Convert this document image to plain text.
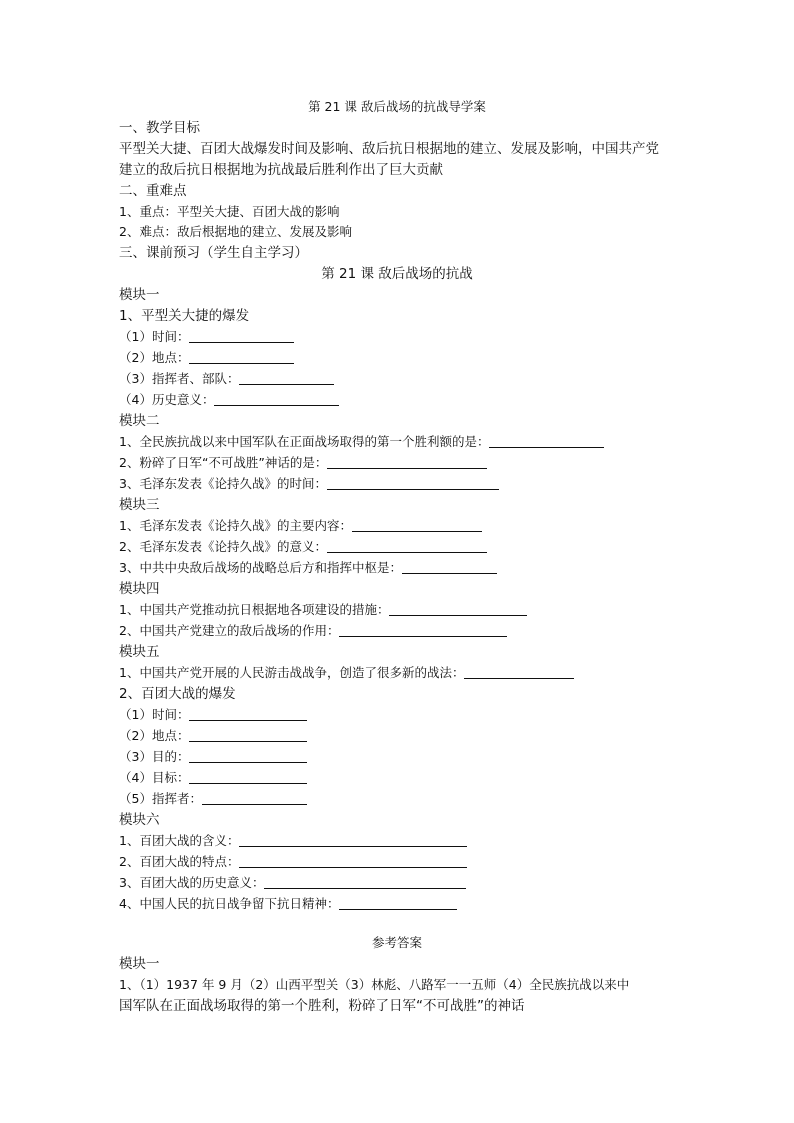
第 21 课 敌后战场的抗战导学案
一、教学目标
平型关大捷、百团大战爆发时间及影响、敌后抗日根据地的建立、发展及影响，中国共产党
建立的敌后抗日根据地为抗战最后胜利作出了巨大贡献
二、重难点
1、重点：平型关大捷、百团大战的影响
2、难点：敌后根据地的建立、发展及影响
三、课前预习（学生自主学习）
第 21 课 敌后战场的抗战
模块一
1、平型关大捷的爆发
（1）时间：
（2）地点：
（3）指挥者、部队：
（4）历史意义：
模块二
1、全民族抗战以来中国军队在正面战场取得的第一个胜利额的是：
2、粉碎了日军“不可战胜”神话的是：
3、毛泽东发表《论持久战》的时间：
模块三
1、毛泽东发表《论持久战》的主要内容：
2、毛泽东发表《论持久战》的意义：
3、中共中央敌后战场的战略总后方和指挥中枢是：
模块四
1、中国共产党推动抗日根据地各项建设的措施：
2、中国共产党建立的敌后战场的作用：
模块五
1、中国共产党开展的人民游击战战争，创造了很多新的战法：
2、百团大战的爆发
（1）时间：
（2）地点：
（3）目的：
（4）目标：
（5）指挥者：
模块六
1、百团大战的含义：
2、百团大战的特点：
3、百团大战的历史意义：
4、中国人民的抗日战争留下抗日精神：
参考答案
模块一
1、（1）1937 年 9 月（2）山西平型关（3）林彪、八路军一一五师（4）全民族抗战以来中
国军队在正面战场取得的第一个胜利，粉碎了日军“不可战胜”的神话
